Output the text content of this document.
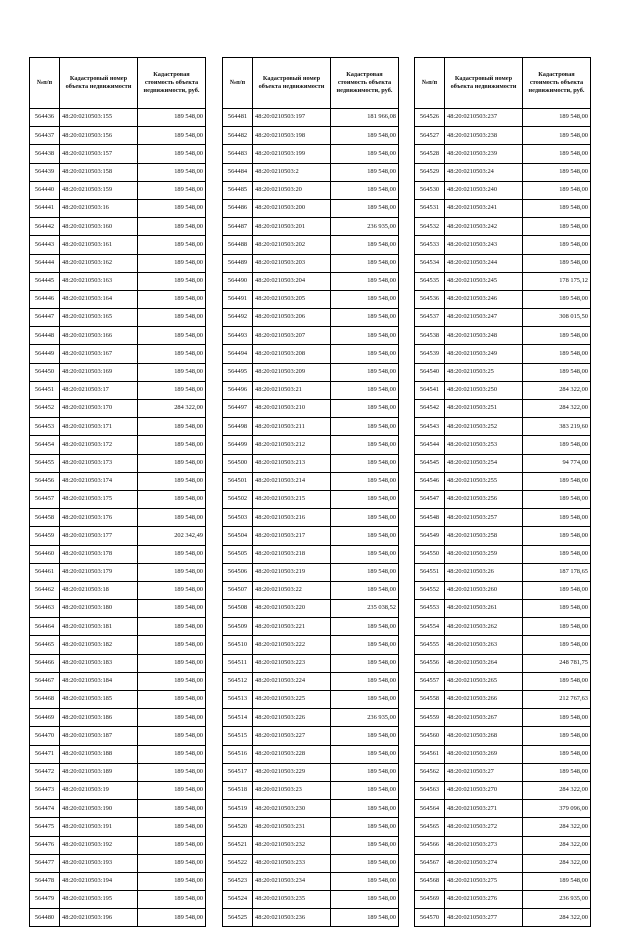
№п/п	Кадастровый номер объекта недвижимости	Кадастровая стоимость объекта недвижимости, руб.
564436	48:20:0210503:155	189 548,00
564437	48:20:0210503:156	189 548,00
564438	48:20:0210503:157	189 548,00
564439	48:20:0210503:158	189 548,00
564440	48:20:0210503:159	189 548,00
564441	48:20:0210503:16	189 548,00
564442	48:20:0210503:160	189 548,00
564443	48:20:0210503:161	189 548,00
564444	48:20:0210503:162	189 548,00
564445	48:20:0210503:163	189 548,00
564446	48:20:0210503:164	189 548,00
564447	48:20:0210503:165	189 548,00
564448	48:20:0210503:166	189 548,00
564449	48:20:0210503:167	189 548,00
564450	48:20:0210503:169	189 548,00
564451	48:20:0210503:17	189 548,00
564452	48:20:0210503:170	284 322,00
564453	48:20:0210503:171	189 548,00
564454	48:20:0210503:172	189 548,00
564455	48:20:0210503:173	189 548,00
564456	48:20:0210503:174	189 548,00
564457	48:20:0210503:175	189 548,00
564458	48:20:0210503:176	189 548,00
564459	48:20:0210503:177	202 342,49
564460	48:20:0210503:178	189 548,00
564461	48:20:0210503:179	189 548,00
564462	48:20:0210503:18	189 548,00
564463	48:20:0210503:180	189 548,00
564464	48:20:0210503:181	189 548,00
564465	48:20:0210503:182	189 548,00
564466	48:20:0210503:183	189 548,00
564467	48:20:0210503:184	189 548,00
564468	48:20:0210503:185	189 548,00
564469	48:20:0210503:186	189 548,00
564470	48:20:0210503:187	189 548,00
564471	48:20:0210503:188	189 548,00
564472	48:20:0210503:189	189 548,00
564473	48:20:0210503:19	189 548,00
564474	48:20:0210503:190	189 548,00
564475	48:20:0210503:191	189 548,00
564476	48:20:0210503:192	189 548,00
564477	48:20:0210503:193	189 548,00
564478	48:20:0210503:194	189 548,00
564479	48:20:0210503:195	189 548,00
564480	48:20:0210503:196	189 548,00
№п/п	Кадастровый номер объекта недвижимости	Кадастровая стоимость объекта недвижимости, руб.
564481	48:20:0210503:197	181 966,08
564482	48:20:0210503:198	189 548,00
564483	48:20:0210503:199	189 548,00
564484	48:20:0210503:2	189 548,00
564485	48:20:0210503:20	189 548,00
564486	48:20:0210503:200	189 548,00
564487	48:20:0210503:201	236 935,00
564488	48:20:0210503:202	189 548,00
564489	48:20:0210503:203	189 548,00
564490	48:20:0210503:204	189 548,00
564491	48:20:0210503:205	189 548,00
564492	48:20:0210503:206	189 548,00
564493	48:20:0210503:207	189 548,00
564494	48:20:0210503:208	189 548,00
564495	48:20:0210503:209	189 548,00
564496	48:20:0210503:21	189 548,00
564497	48:20:0210503:210	189 548,00
564498	48:20:0210503:211	189 548,00
564499	48:20:0210503:212	189 548,00
564500	48:20:0210503:213	189 548,00
564501	48:20:0210503:214	189 548,00
564502	48:20:0210503:215	189 548,00
564503	48:20:0210503:216	189 548,00
564504	48:20:0210503:217	189 548,00
564505	48:20:0210503:218	189 548,00
564506	48:20:0210503:219	189 548,00
564507	48:20:0210503:22	189 548,00
564508	48:20:0210503:220	235 038,52
564509	48:20:0210503:221	189 548,00
564510	48:20:0210503:222	189 548,00
564511	48:20:0210503:223	189 548,00
564512	48:20:0210503:224	189 548,00
564513	48:20:0210503:225	189 548,00
564514	48:20:0210503:226	236 935,00
564515	48:20:0210503:227	189 548,00
564516	48:20:0210503:228	189 548,00
564517	48:20:0210503:229	189 548,00
564518	48:20:0210503:23	189 548,00
564519	48:20:0210503:230	189 548,00
564520	48:20:0210503:231	189 548,00
564521	48:20:0210503:232	189 548,00
564522	48:20:0210503:233	189 548,00
564523	48:20:0210503:234	189 548,00
564524	48:20:0210503:235	189 548,00
564525	48:20:0210503:236	189 548,00
№п/п	Кадастровый номер объекта недвижимости	Кадастровая стоимость объекта недвижимости, руб.
564526	48:20:0210503:237	189 548,00
564527	48:20:0210503:238	189 548,00
564528	48:20:0210503:239	189 548,00
564529	48:20:0210503:24	189 548,00
564530	48:20:0210503:240	189 548,00
564531	48:20:0210503:241	189 548,00
564532	48:20:0210503:242	189 548,00
564533	48:20:0210503:243	189 548,00
564534	48:20:0210503:244	189 548,00
564535	48:20:0210503:245	178 175,12
564536	48:20:0210503:246	189 548,00
564537	48:20:0210503:247	308 015,50
564538	48:20:0210503:248	189 548,00
564539	48:20:0210503:249	189 548,00
564540	48:20:0210503:25	189 548,00
564541	48:20:0210503:250	284 322,00
564542	48:20:0210503:251	284 322,00
564543	48:20:0210503:252	383 219,60
564544	48:20:0210503:253	189 548,00
564545	48:20:0210503:254	94 774,00
564546	48:20:0210503:255	189 548,00
564547	48:20:0210503:256	189 548,00
564548	48:20:0210503:257	189 548,00
564549	48:20:0210503:258	189 548,00
564550	48:20:0210503:259	189 548,00
564551	48:20:0210503:26	187 178,65
564552	48:20:0210503:260	189 548,00
564553	48:20:0210503:261	189 548,00
564554	48:20:0210503:262	189 548,00
564555	48:20:0210503:263	189 548,00
564556	48:20:0210503:264	248 781,75
564557	48:20:0210503:265	189 548,00
564558	48:20:0210503:266	212 767,63
564559	48:20:0210503:267	189 548,00
564560	48:20:0210503:268	189 548,00
564561	48:20:0210503:269	189 548,00
564562	48:20:0210503:27	189 548,00
564563	48:20:0210503:270	284 322,00
564564	48:20:0210503:271	379 096,00
564565	48:20:0210503:272	284 322,00
564566	48:20:0210503:273	284 322,00
564567	48:20:0210503:274	284 322,00
564568	48:20:0210503:275	189 548,00
564569	48:20:0210503:276	236 935,00
564570	48:20:0210503:277	284 322,00
